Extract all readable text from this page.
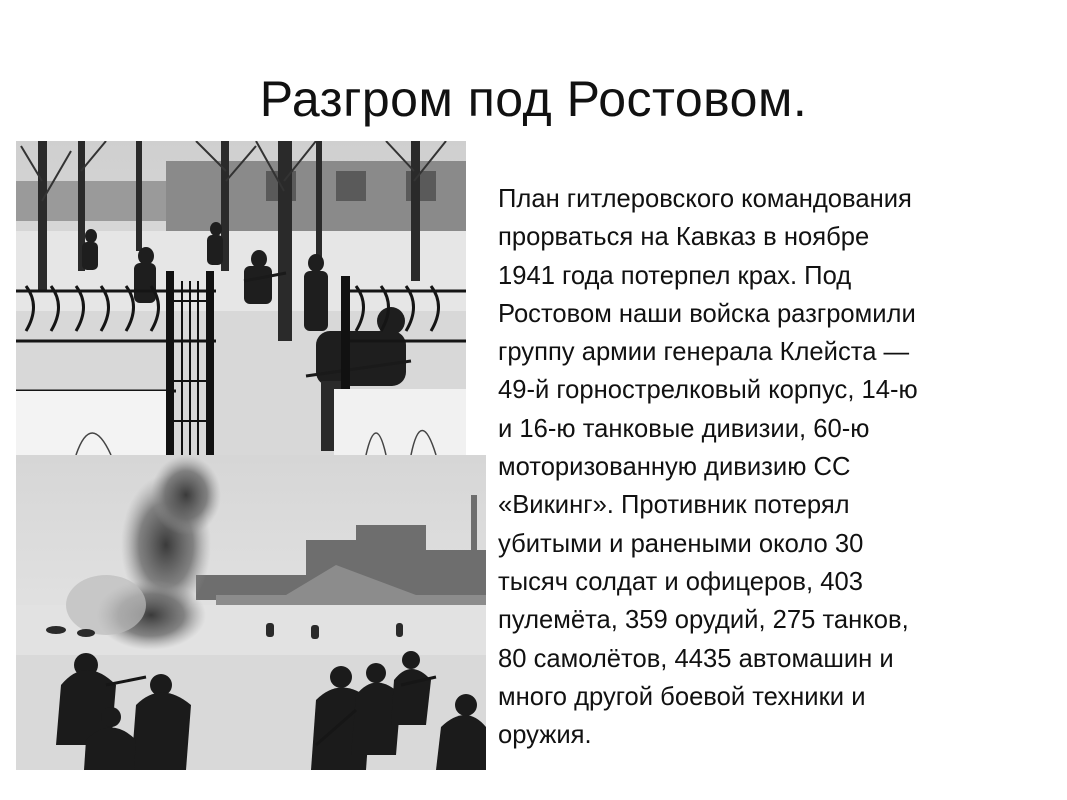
Разгром под Ростовом.

План гитлеровского командования
прорваться на Кавказ в ноябре
1941 года потерпел крах. Под
Ростовом наши войска разгромили
группу армии генерала Клейста —
49-й горнострелковый корпус, 14-ю
и 16-ю танковые дивизии, 60-ю
моторизованную дивизию СС
«Викинг». Противник потерял
убитыми и ранеными около 30
тысяч солдат и офицеров, 403
пулемёта, 359 орудий, 275 танков,
80 самолётов, 4435 автомашин и
много другой боевой техники и
оружия.
